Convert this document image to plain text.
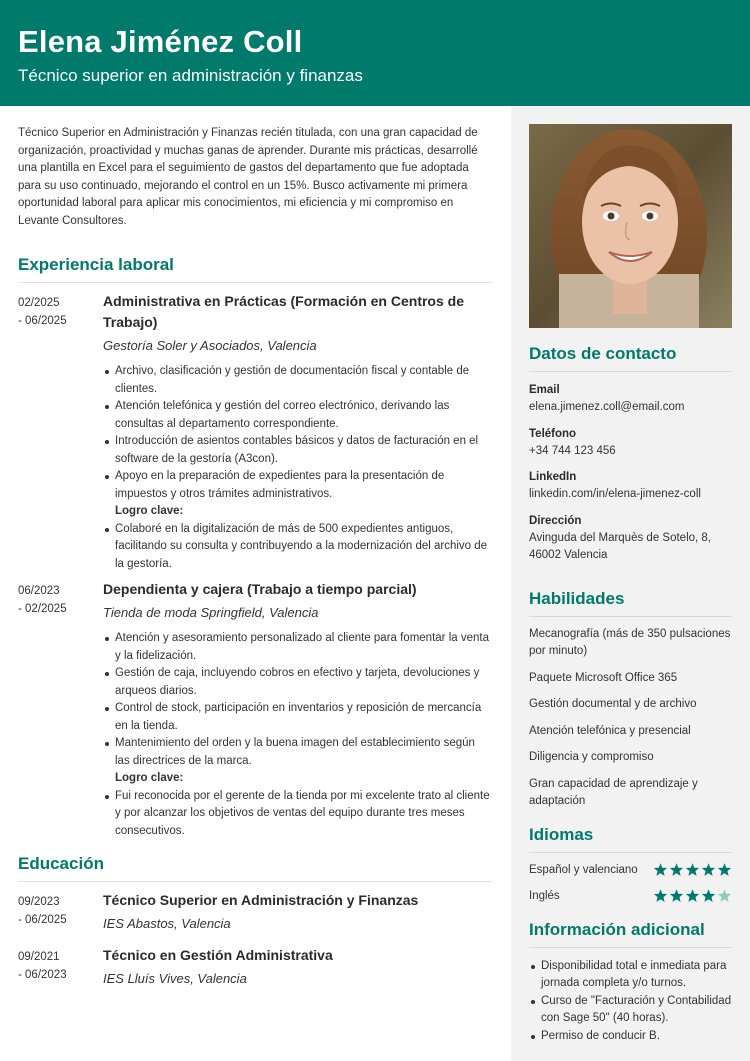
Elena Jiménez Coll
Técnico superior en administración y finanzas

Técnico Superior en Administración y Finanzas recién titulada, con una gran capacidad de organización, proactividad y muchas ganas de aprender. Durante mis prácticas, desarrollé una plantilla en Excel para el seguimiento de gastos del departamento que fue adoptada para su uso continuado, mejorando el control en un 15%. Busco activamente mi primera oportunidad laboral para aplicar mis conocimientos, mi eficiencia y mi compromiso en Levante Consultores.

Experiencia laboral
02/2025
- 06/2025
Administrativa en Prácticas (Formación en Centros de Trabajo)
Gestoría Soler y Asociados, Valencia
Archivo, clasificación y gestión de documentación fiscal y contable de clientes.
Atención telefónica y gestión del correo electrónico, derivando las consultas al departamento correspondiente.
Introducción de asientos contables básicos y datos de facturación en el software de la gestoría (A3con).
Apoyo en la preparación de expedientes para la presentación de impuestos y otros trámites administrativos.
Logro clave:
Colaboré en la digitalización de más de 500 expedientes antiguos, facilitando su consulta y contribuyendo a la modernización del archivo de la gestoría.
06/2023
- 02/2025
Dependienta y cajera (Trabajo a tiempo parcial)
Tienda de moda Springfield, Valencia
Atención y asesoramiento personalizado al cliente para fomentar la venta y la fidelización.
Gestión de caja, incluyendo cobros en efectivo y tarjeta, devoluciones y arqueos diarios.
Control de stock, participación en inventarios y reposición de mercancía en la tienda.
Mantenimiento del orden y la buena imagen del establecimiento según las directrices de la marca.
Logro clave:
Fui reconocida por el gerente de la tienda por mi excelente trato al cliente y por alcanzar los objetivos de ventas del equipo durante tres meses consecutivos.
Educación
09/2023
- 06/2025
Técnico Superior en Administración y Finanzas
IES Abastos, Valencia
09/2021
- 06/2023
Técnico en Gestión Administrativa
IES Lluís Vives, Valencia
Datos de contacto
Email
elena.jimenez.coll@email.com
Teléfono
+34 744 123 456
LinkedIn
linkedin.com/in/elena-jimenez-coll
Dirección
Avinguda del Marquès de Sotelo, 8, 46002 Valencia
Habilidades
Mecanografía (más de 350 pulsaciones por minuto)
Paquete Microsoft Office 365
Gestión documental y de archivo
Atención telefónica y presencial
Diligencia y compromiso
Gran capacidad de aprendizaje y adaptación
Idiomas
Español y valenciano
Inglés
Información adicional
Disponibilidad total e inmediata para jornada completa y/o turnos.
Curso de "Facturación y Contabilidad con Sage 50" (40 horas).
Permiso de conducir B.
